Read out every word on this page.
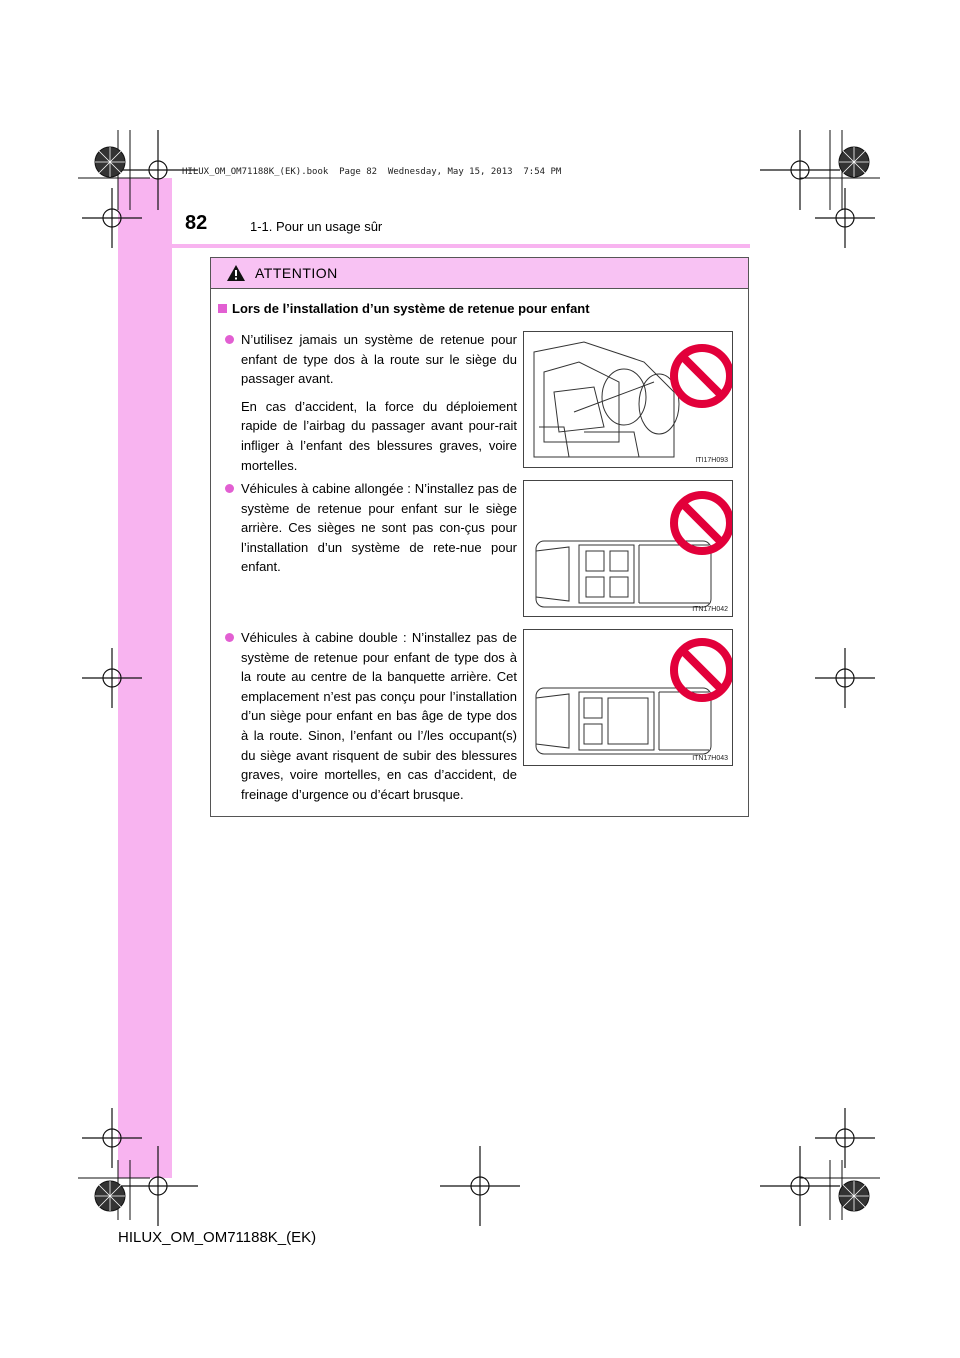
HILUX_OM_OM71188K_(EK).book  Page 82  Wednesday, May 15, 2013  7:54 PM
82	1-1. Pour un usage sûr
ATTENTION
Lors de l’installation d’un système de retenue pour enfant

N’utilisez jamais un système de retenue pour enfant de type dos à la route sur le siège du passager avant.

En cas d’accident, la force du déploiement rapide de l’airbag du passager avant pour-rait infliger à l’enfant des blessures graves, voire mortelles.	ITI17H093

Véhicules à cabine allongée : N’installez pas de système de retenue pour enfant sur le siège arrière. Ces sièges ne sont pas con-çus pour l’installation d’un système de rete-nue pour enfant.

ITN17H042

Véhicules à cabine double : N’installez pas de système de retenue pour enfant de type dos à la route au centre de la banquette arrière. Cet emplacement n’est pas conçu pour l’installation d’un siège pour enfant en bas âge de type dos à la route. Sinon, l’enfant ou l’/les occupant(s) du siège avant risquent de subir des blessures graves, voire mortelles, en cas d’accident, de freinage d’urgence ou d’écart brusque.

ITN17H043
HILUX_OM_OM71188K_(EK)
